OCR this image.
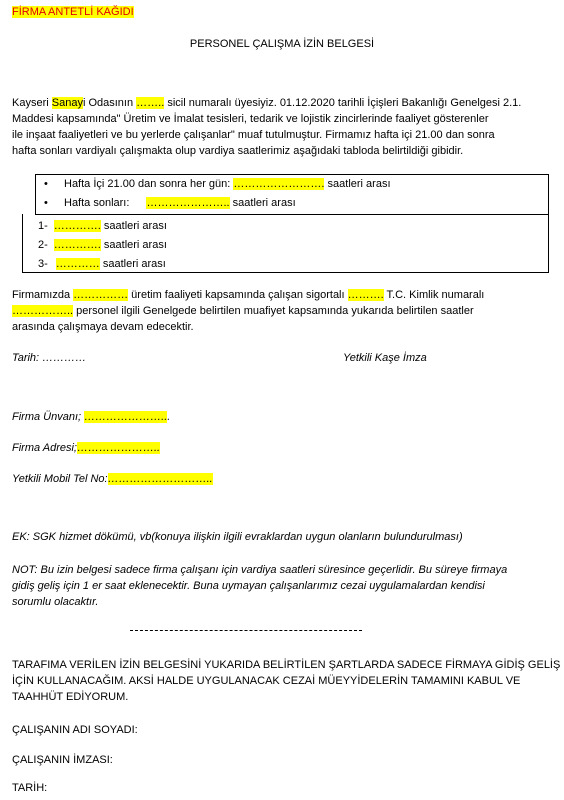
FİRMA ANTETLİ KAĞIDI
PERSONEL ÇALIŞMA İZİN BELGESİ
Kayseri Sanayi Odasının …….. sicil numaralı üyesiyiz. 01.12.2020 tarihli İçişleri Bakanlığı Genelgesi 2.1.
Maddesi kapsamında" Üretim ve İmalat tesisleri, tedarik ve lojistik zincirlerinde faaliyet gösterenler
ile inşaat faaliyetleri ve bu yerlerde çalışanlar" muaf tutulmuştur. Firmamız hafta içi 21.00 dan sonra
hafta sonları vardiyalı çalışmakta olup vardiya saatlerimiz aşağıdaki tabloda belirtildiği gibidir.
• Hafta İçi 21.00 dan sonra her gün: ……………………. saatleri arası
• Hafta sonları: ………………….. saatleri arası
1- …………. saatleri arası
2- …………. saatleri arası
3- ………… saatleri arası
Firmamızda …………… üretim faaliyeti kapsamında çalışan sigortalı ………. T.C. Kimlik numaralı
…………….. personel ilgili Genelgede belirtilen muafiyet kapsamında yukarıda belirtilen saatler
arasında çalışmaya devam edecektir.
Tarih: …………	Yetkili Kaşe İmza
Firma Ünvanı; …………………...
Firma Adresi;…………………..
Yetkili Mobil Tel No:………………………..
EK: SGK hizmet dökümü, vb(konuya ilişkin ilgili evraklardan uygun olanların bulundurulması)
NOT: Bu izin belgesi sadece firma çalışanı için vardiya saatleri süresince geçerlidir. Bu süreye firmaya
gidiş geliş için 1 er saat eklenecektir. Buna uymayan çalışanlarımız cezai uygulamalardan kendisi
sorumlu olacaktır.
TARAFIMA VERİLEN İZİN BELGESİNİ YUKARIDA BELİRTİLEN ŞARTLARDA SADECE FİRMAYA GİDİŞ GELİŞ
İÇİN KULLANACAĞIM. AKSİ HALDE UYGULANACAK CEZAİ MÜEYYİDELERİN TAMAMINI KABUL VE
TAAHHÜT EDİYORUM.
ÇALIŞANIN ADI SOYADI:
ÇALIŞANIN İMZASI:
TARİH:
